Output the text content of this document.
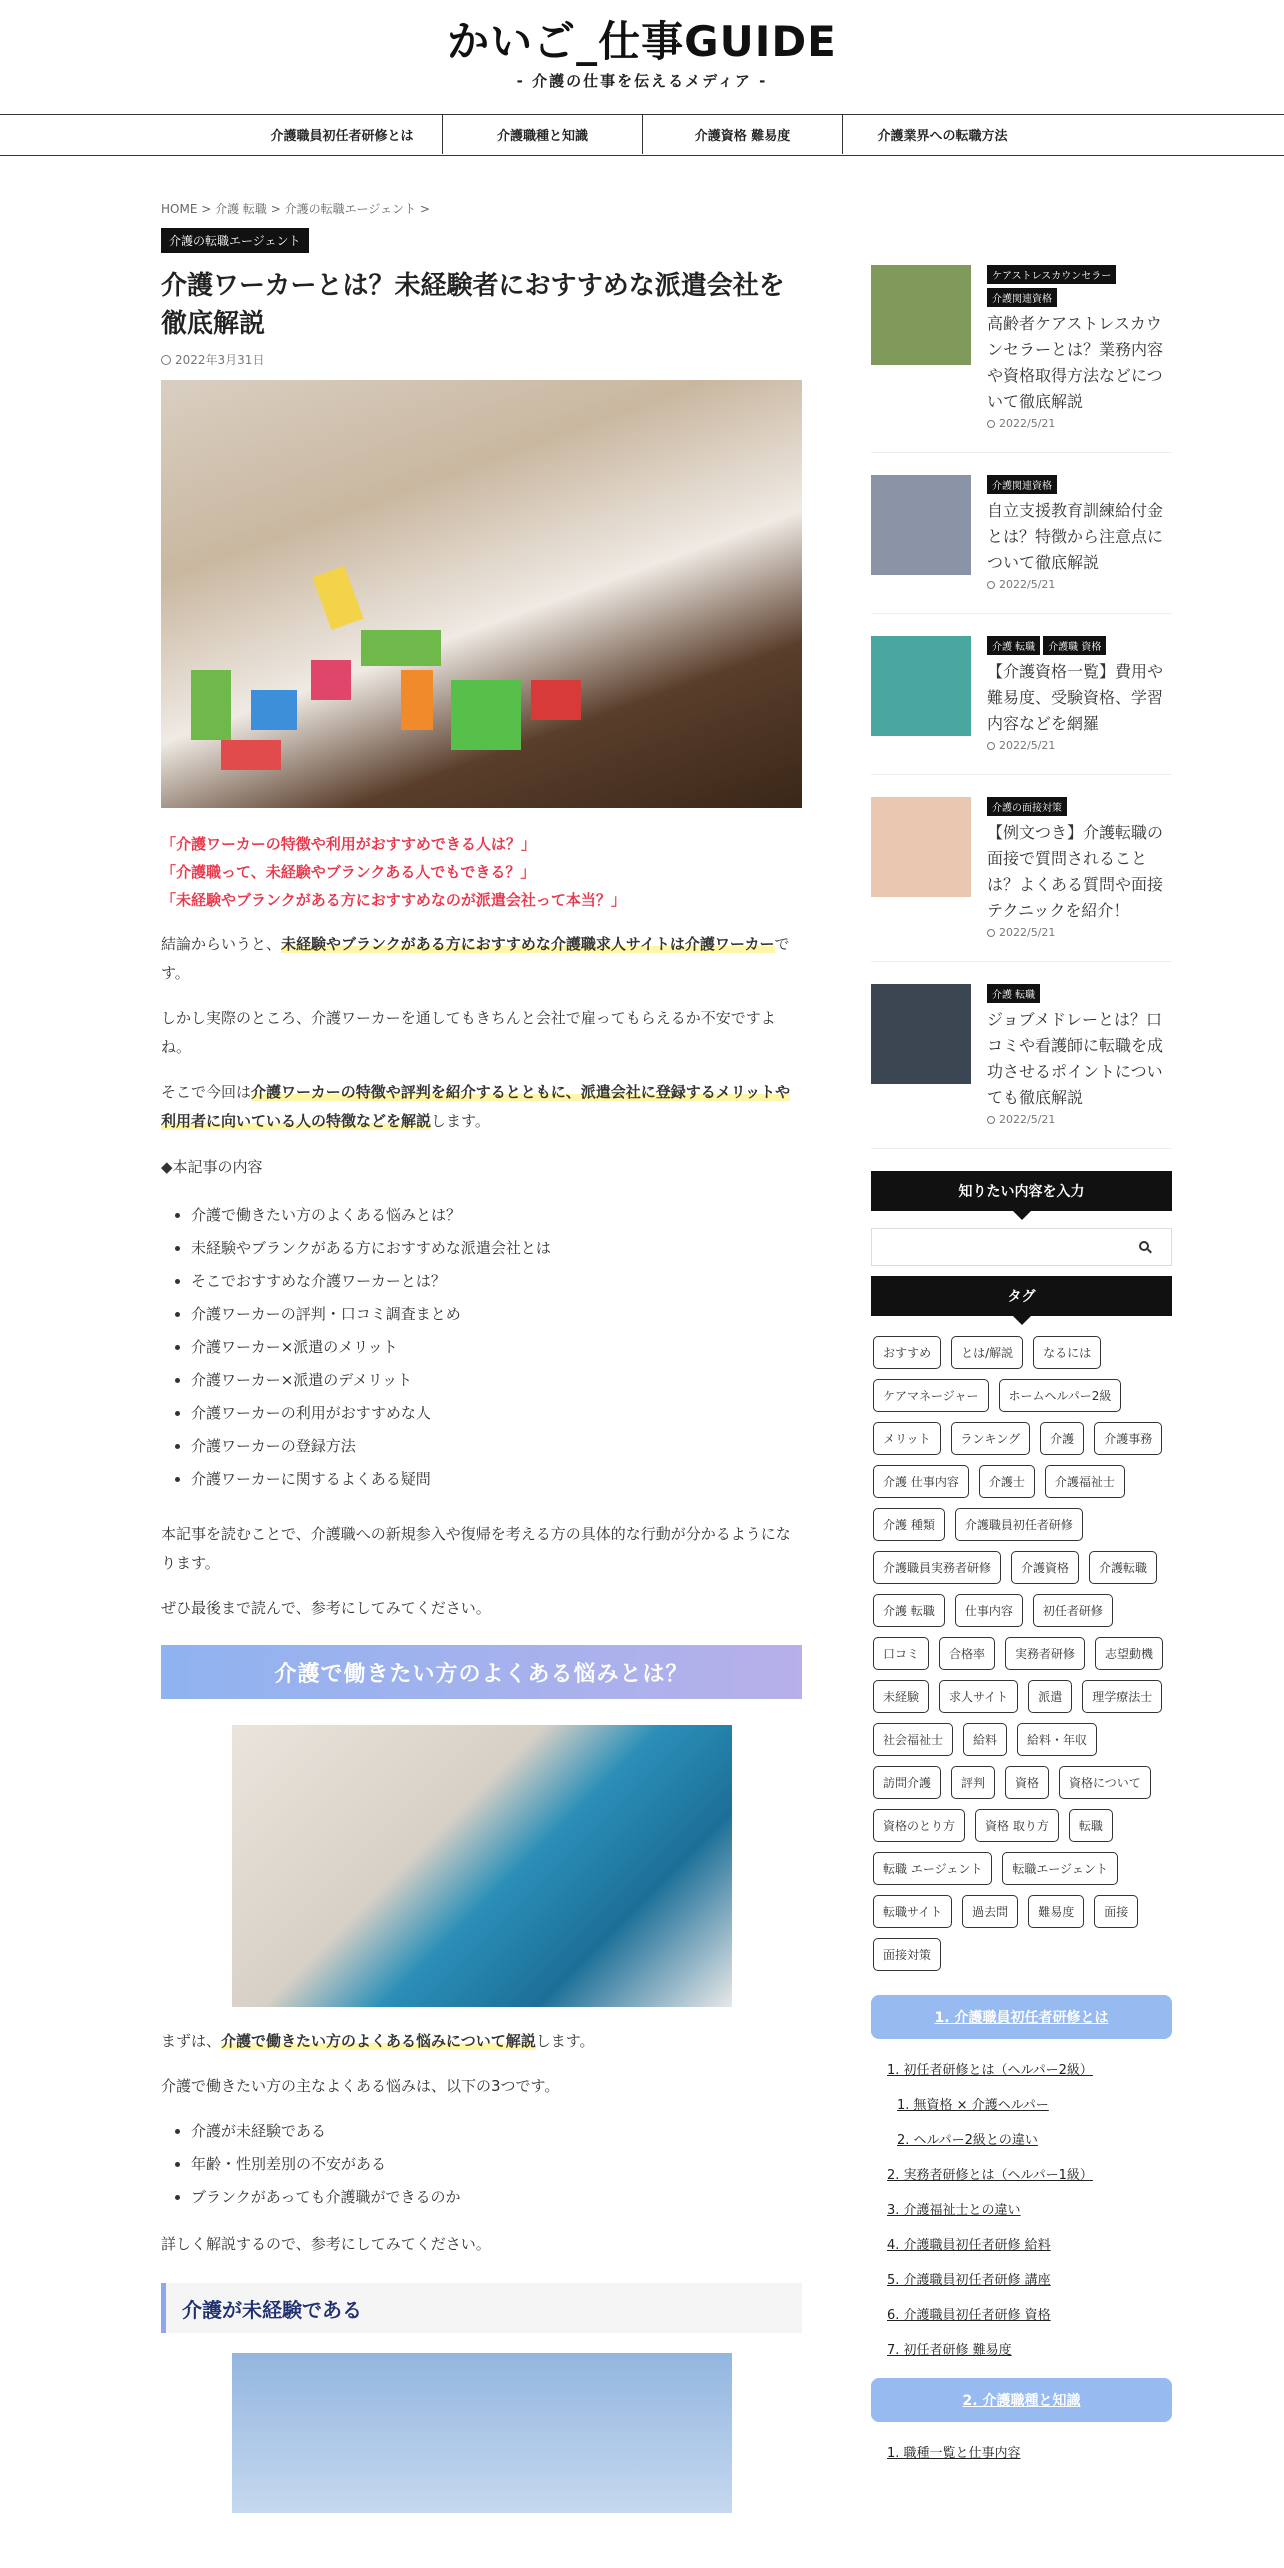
かいご_仕事GUIDE
- 介護の仕事を伝えるメディア -
介護職員初任者研修とは	介護職種と知識	介護資格 難易度	介護業界への転職方法
HOME > 介護 転職 > 介護の転職エージェント >
介護の転職エージェント
介護ワーカーとは？未経験者におすすめな派遣会社を徹底解説
2022年3月31日
「介護ワーカーの特徴や利用がおすすめできる人は？」
「介護職って、未経験やブランクある人でもできる？」
「未経験やブランクがある方におすすめなのが派遣会社って本当？」

結論からいうと、未経験やブランクがある方におすすめな介護職求人サイトは介護ワーカーです。

しかし実際のところ、介護ワーカーを通してもきちんと会社で雇ってもらえるか不安ですよね。

そこで今回は介護ワーカーの特徴や評判を紹介するとともに、派遣会社に登録するメリットや利用者に向いている人の特徴などを解説します。

◆本記事の内容
• 介護で働きたい方のよくある悩みとは？
• 未経験やブランクがある方におすすめな派遣会社とは
• そこでおすすめな介護ワーカーとは？
• 介護ワーカーの評判・口コミ調査まとめ
• 介護ワーカー×派遣のメリット
• 介護ワーカー×派遣のデメリット
• 介護ワーカーの利用がおすすめな人
• 介護ワーカーの登録方法
• 介護ワーカーに関するよくある疑問

本記事を読むことで、介護職への新規参入や復帰を考える方の具体的な行動が分かるようになります。

ぜひ最後まで読んで、参考にしてみてください。

介護で働きたい方のよくある悩みとは？

まずは、介護で働きたい方のよくある悩みについて解説します。

介護で働きたい方の主なよくある悩みは、以下の3つです。

• 介護が未経験である
• 年齢・性別差別の不安がある
• ブランクがあっても介護職ができるのか

詳しく解説するので、参考にしてみてください。

介護が未経験である
ケアストレスカウンセラー介護関連資格
高齢者ケアストレスカウンセラーとは？業務内容や資格取得方法などについて徹底解説
2022/5/21
介護関連資格
自立支援教育訓練給付金とは？特徴から注意点について徹底解説
2022/5/21
介護 転職 介護職 資格
【介護資格一覧】費用や難易度、受験資格、学習内容などを網羅
2022/5/21
介護の面接対策
【例文つき】介護転職の面接で質問されることは？よくある質問や面接テクニックを紹介！
2022/5/21
介護 転職
ジョブメドレーとは？口コミや看護師に転職を成功させるポイントについても徹底解説
2022/5/21
知りたい内容を入力
タグ
おすすめ	とは/解説	なるには
ケアマネージャー	ホームヘルパー2級
メリット	ランキング	介護	介護事務
介護 仕事内容	介護士	介護福祉士
介護 種類	介護職員初任者研修
介護職員実務者研修	介護資格	介護転職
介護 転職	仕事内容	初任者研修
口コミ	合格率	実務者研修	志望動機
未経験	求人サイト	派遣	理学療法士
社会福祉士	給料	給料・年収
訪問介護	評判	資格	資格について
資格のとり方	資格 取り方	転職
転職 エージェント	転職エージェント
転職サイト	過去問	難易度	面接
面接対策
1. 介護職員初任者研修とは
1. 初任者研修とは（ヘルパー2級）
1. 無資格 × 介護ヘルパー
2. ヘルパー2級との違い
2. 実務者研修とは（ヘルパー1級）
3. 介護福祉士との違い
4. 介護職員初任者研修 給料
5. 介護職員初任者研修 講座
6. 介護職員初任者研修 資格
7. 初任者研修 難易度
2. 介護職種と知識
1. 職種一覧と仕事内容
